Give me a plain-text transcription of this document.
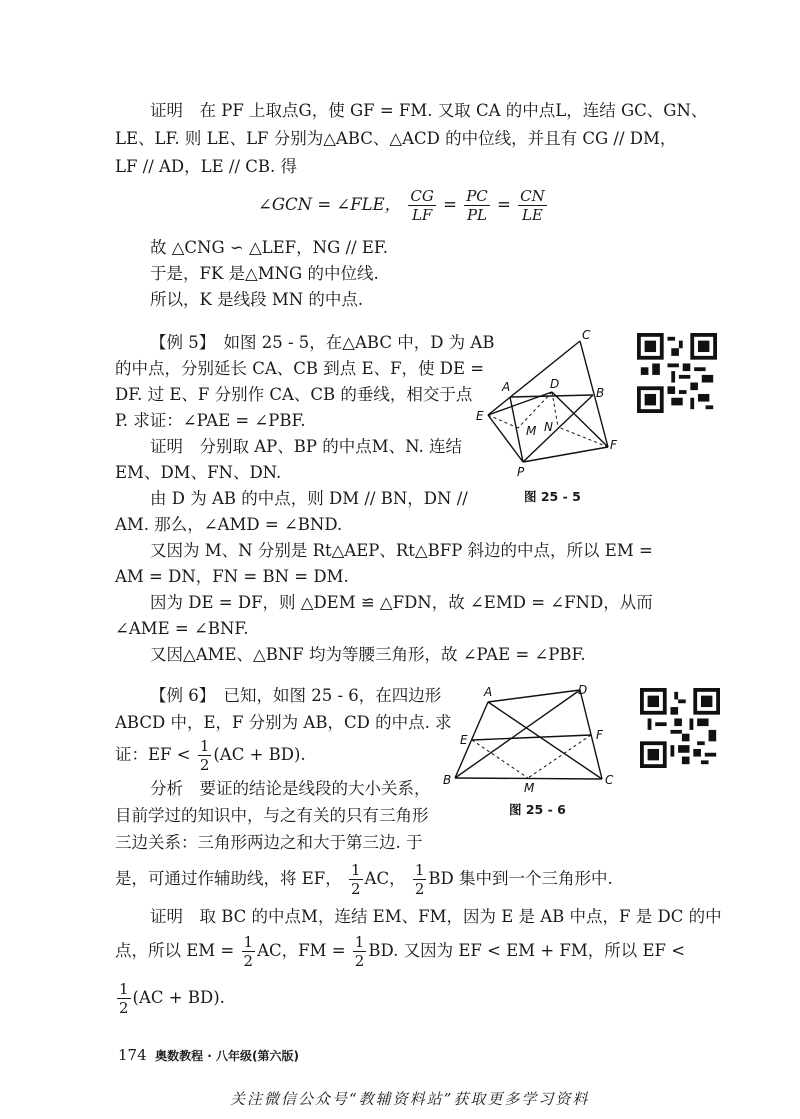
证明　在 PF 上取点G，使 GF = FM. 又取 CA 的中点L，连结 GC、GN、
LE、LF. 则 LE、LF 分别为△ABC、△ACD 的中位线，并且有 CG // DM，
LF // AD，LE // CB. 得
∠GCN = ∠FLE， $\frac{CG}{LF} = \frac{PC}{PL} = \frac{CN}{LE}$
故 △CNG ∽ △LEF，NG // EF.
于是，FK 是△MNG 的中位线.
所以，K 是线段 MN 的中点.
【例 5】　如图 25 - 5，在△ABC 中，D 为 AB
的中点，分别延长 CA、CB 到点 E、F，使 DE =
DF. 过 E、F 分别作 CA、CB 的垂线，相交于点
P. 求证：∠PAE = ∠PBF.
证明　分别取 AP、BP 的中点M、N. 连结
EM、DM、FN、DN.
由 D 为 AB 的中点，则 DM // BN，DN //
AM. 那么，∠AMD = ∠BND.
又因为 M、N 分别是 Rt△AEP、Rt△BFP 斜边的中点，所以 EM =
AM = DN，FN = BN = DM.
因为 DE = DF，则 △DEM ≌ △FDN，故 ∠EMD = ∠FND，从而
∠AME = ∠BNF.
又因△AME、△BNF 均为等腰三角形，故 ∠PAE = ∠PBF.
C
A	D
B
E
M N
F
P
图 25 - 5
【例 6】　已知，如图 25 - 6，在四边形
ABCD 中，E，F 分别为 AB，CD 的中点. 求
证：EF < $\frac{1}{2} (AC + BD)$.
分析　要证的结论是线段的大小关系，
目前学过的知识中，与之有关的只有三角形
三边关系：三角形两边之和大于第三边. 于
是，可通过作辅助线，将 EF， $\frac{1}{2}$ AC， $\frac{1}{2}$ BD 集中到一个三角形中.
证明　取 BC 的中点M，连结 EM、FM，因为 E 是 AB 中点，F 是 DC 的中
点，所以 EM = $\frac{1}{2}$ AC，FM = $\frac{1}{2}$ BD. 又因为 EF < EM + FM，所以 EF <
$\frac{1}{2} (AC + BD)$.
A	D
E	F
B
M
C
图 25 - 6
174 奥数教程 · 八年级(第六版)
关注微信公众号“教辅资料站”获取更多学习资料
